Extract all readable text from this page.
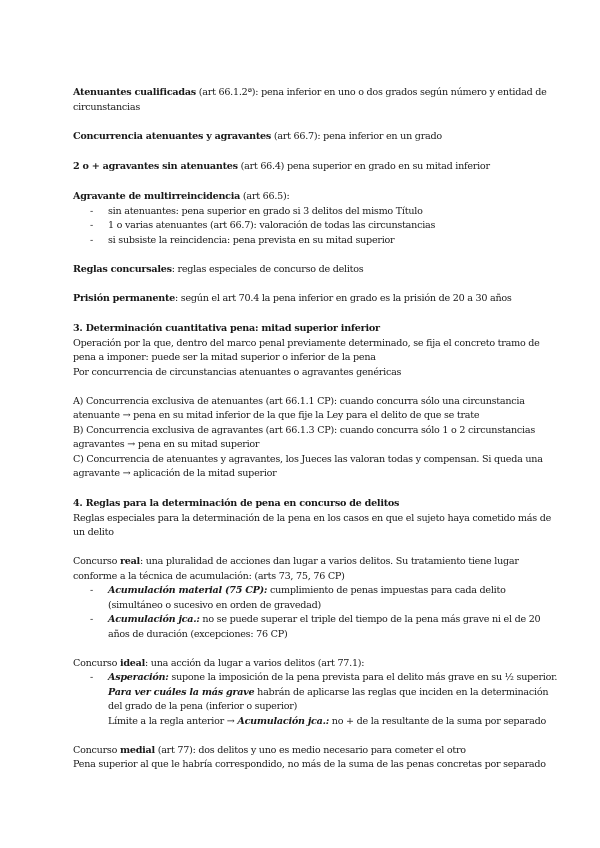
Atenuantes cualificadas (art 66.1.2ª): pena inferior en uno o dos grados según número y entidad de
circunstancias
Concurrencia atenuantes y agravantes (art 66.7): pena inferior en un grado
2 o + agravantes sin atenuantes (art 66.4) pena superior en grado en su mitad inferior
Agravante de multirreincidencia (art 66.5):
- sin atenuantes: pena superior en grado si 3 delitos del mismo Título
- 1 o varias atenuantes (art 66.7): valoración de todas las circunstancias
- si subsiste la reincidencia: pena prevista en su mitad superior
Reglas concursales: reglas especiales de concurso de delitos
Prisión permanente: según el art 70.4 la pena inferior en grado es la prisión de 20 a 30 años
3. Determinación cuantitativa pena: mitad superior inferior
Operación por la que, dentro del marco penal previamente determinado, se fija el concreto tramo de
pena a imponer: puede ser la mitad superior o inferior de la pena
Por concurrencia de circunstancias atenuantes o agravantes genéricas
A) Concurrencia exclusiva de atenuantes (art 66.1.1 CP): cuando concurra sólo una circunstancia
atenuante → pena en su mitad inferior de la que fije la Ley para el delito de que se trate
B) Concurrencia exclusiva de agravantes (art 66.1.3 CP): cuando concurra sólo 1 o 2 circunstancias
agravantes → pena en su mitad superior
C) Concurrencia de atenuantes y agravantes, los Jueces las valoran todas y compensan. Si queda una
agravante → aplicación de la mitad superior
4. Reglas para la determinación de pena en concurso de delitos
Reglas especiales para la determinación de la pena en los casos en que el sujeto haya cometido más de
un delito
Concurso real: una pluralidad de acciones dan lugar a varios delitos. Su tratamiento tiene lugar
conforme a la técnica de acumulación: (arts 73, 75, 76 CP)
- Acumulación material (75 CP): cumplimiento de penas impuestas para cada delito
(simultáneo o sucesivo en orden de gravedad)
- Acumulación jca.: no se puede superar el triple del tiempo de la pena más grave ni el de 20
años de duración (excepciones: 76 CP)
Concurso ideal: una acción da lugar a varios delitos (art 77.1):
- Asperación: supone la imposición de la pena prevista para el delito más grave en su ½ superior.
Para ver cuáles la más grave habrán de aplicarse las reglas que inciden en la determinación
del grado de la pena (inferior o superior)
Límite a la regla anterior → Acumulación jca.: no + de la resultante de la suma por separado
Concurso medial (art 77): dos delitos y uno es medio necesario para cometer el otro
Pena superior al que le habría correspondido, no más de la suma de las penas concretas por separado
